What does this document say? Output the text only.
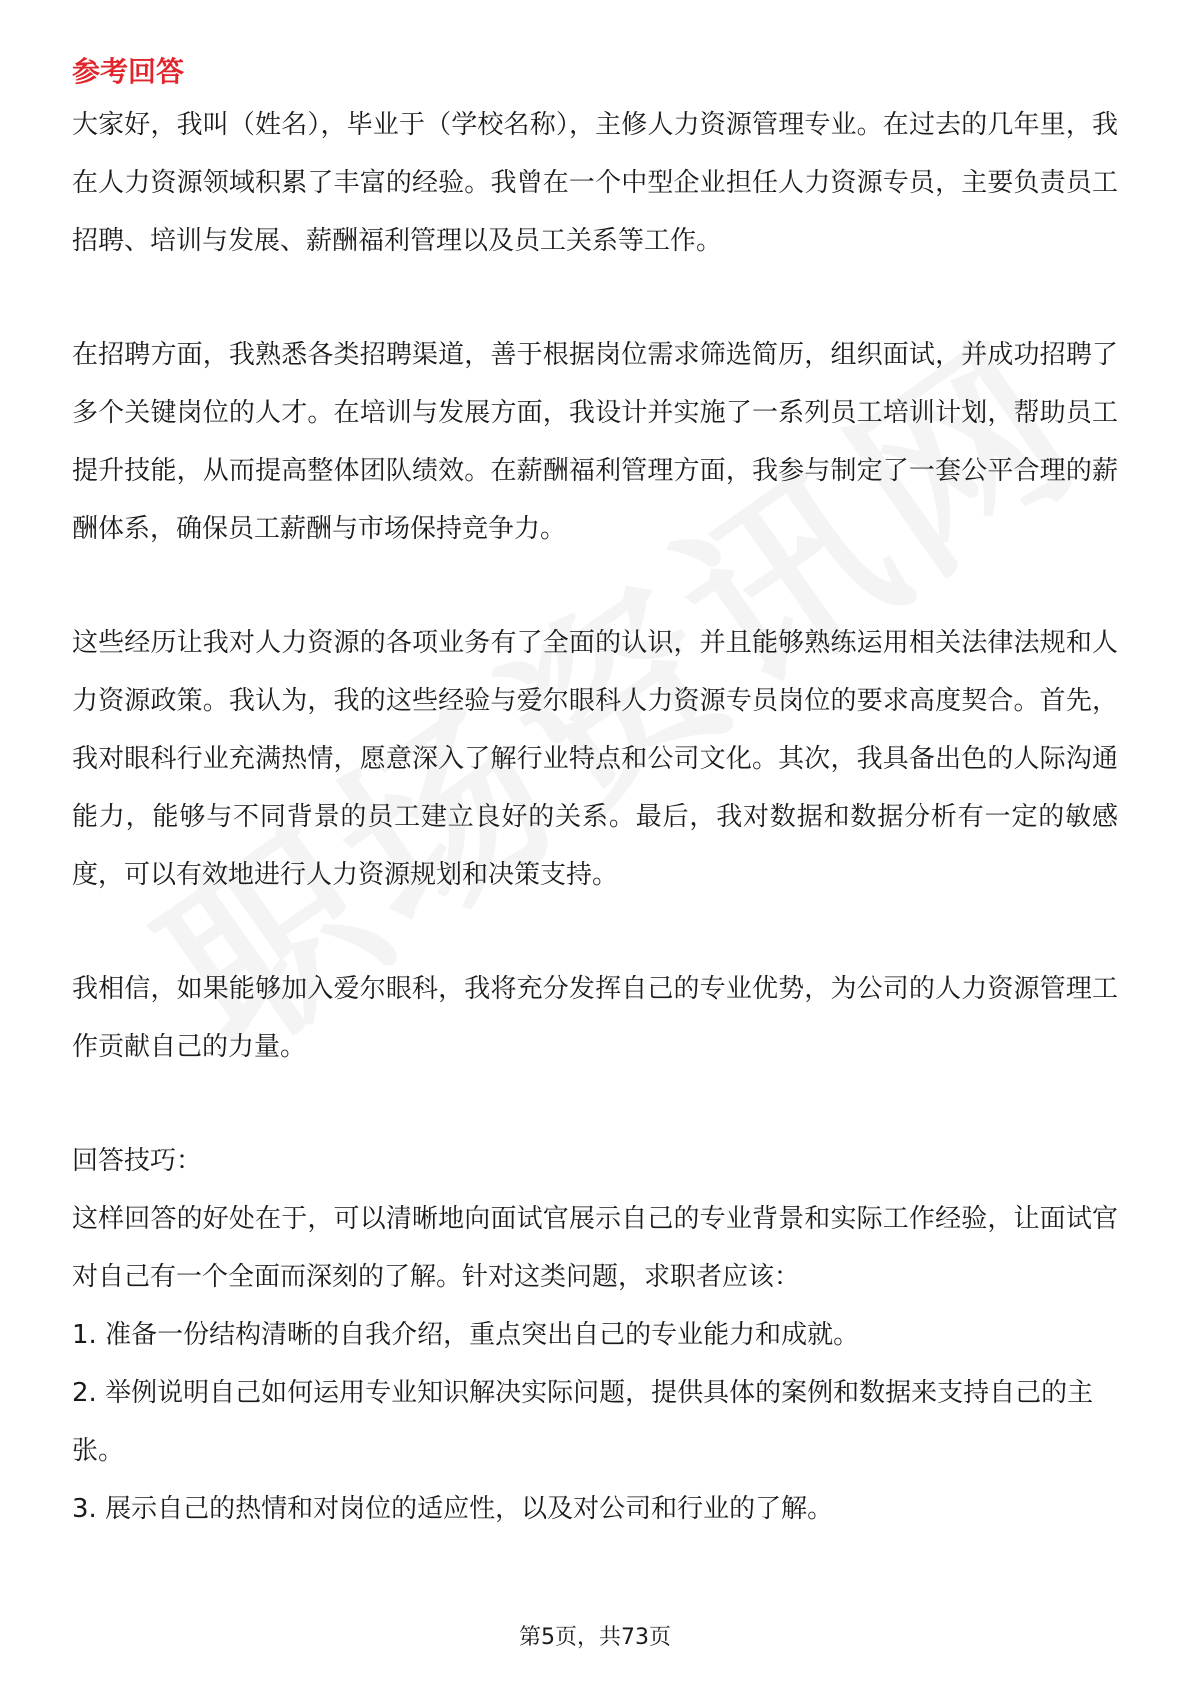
参考回答

大家好，我叫（姓名），毕业于（学校名称），主修人力资源管理专业。在过去的几年里，我在人力资源领域积累了丰富的经验。我曾在一个中型企业担任人力资源专员，主要负责员工招聘、培训与发展、薪酬福利管理以及员工关系等工作。

在招聘方面，我熟悉各类招聘渠道，善于根据岗位需求筛选简历，组织面试，并成功招聘了多个关键岗位的人才。在培训与发展方面，我设计并实施了一系列员工培训计划，帮助员工提升技能，从而提高整体团队绩效。在薪酬福利管理方面，我参与制定了一套公平合理的薪酬体系，确保员工薪酬与市场保持竞争力。

这些经历让我对人力资源的各项业务有了全面的认识，并且能够熟练运用相关法律法规和人力资源政策。我认为，我的这些经验与爱尔眼科人力资源专员岗位的要求高度契合。首先，我对眼科行业充满热情，愿意深入了解行业特点和公司文化。其次，我具备出色的人际沟通能力，能够与不同背景的员工建立良好的关系。最后，我对数据和数据分析有一定的敏感度，可以有效地进行人力资源规划和决策支持。

我相信，如果能够加入爱尔眼科，我将充分发挥自己的专业优势，为公司的人力资源管理工作贡献自己的力量。

回答技巧：

这样回答的好处在于，可以清晰地向面试官展示自己的专业背景和实际工作经验，让面试官对自己有一个全面而深刻的了解。针对这类问题，求职者应该：

1. 准备一份结构清晰的自我介绍，重点突出自己的专业能力和成就。

2. 举例说明自己如何运用专业知识解决实际问题，提供具体的案例和数据来支持自己的主张。

3. 展示自己的热情和对岗位的适应性，以及对公司和行业的了解。

第5页，共73页
